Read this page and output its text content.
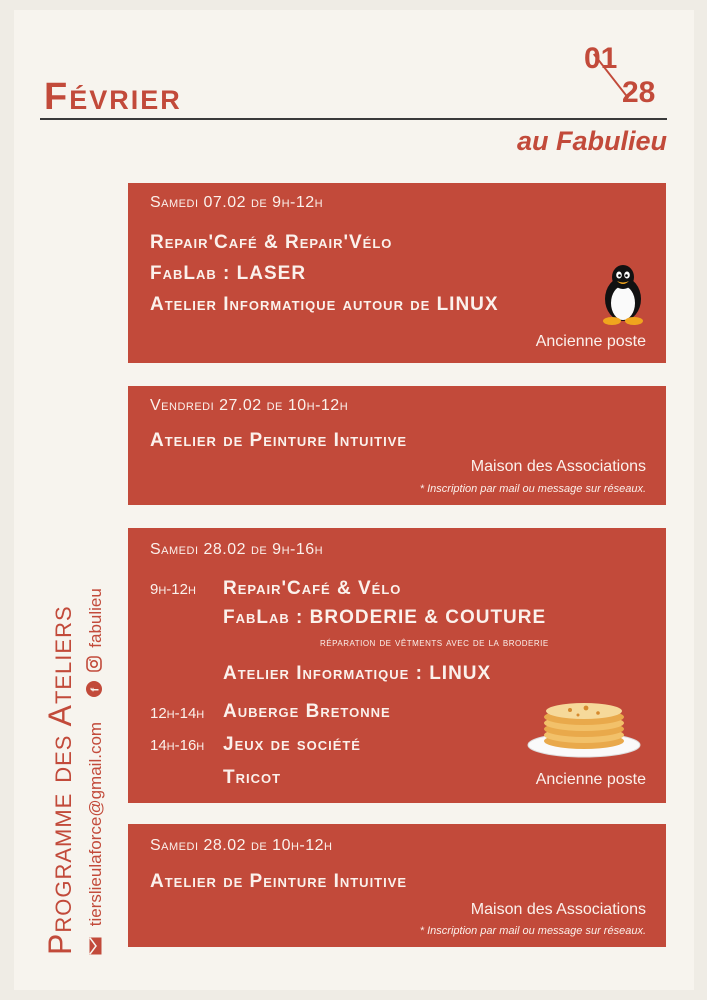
Février
01
28
au Fabulieu
Programme des Ateliers tierslieulaforce@gmail.com
f
fabulieu
Samedi 07.02 de 9h-12h
Repair'Café & Repair'Vélo
FabLab : LASER
Atelier Informatique autour de LINUX
Ancienne poste
Vendredi 27.02 de 10h-12h
Atelier de Peinture Intuitive
Maison des Associations
* Inscription par mail ou message sur réseaux.
Samedi 28.02 de 9h-16h
9h-12h Repair'Café & Vélo
FabLab : BRODERIE & COUTURE
réparation de vêtments avec de la broderie
Atelier Informatique : LINUX
12h-14h Auberge Bretonne
14h-16h Jeux de société
Tricot	Ancienne poste
Samedi 28.02 de 10h-12h
Atelier de Peinture Intuitive
Maison des Associations
* Inscription par mail ou message sur réseaux.
